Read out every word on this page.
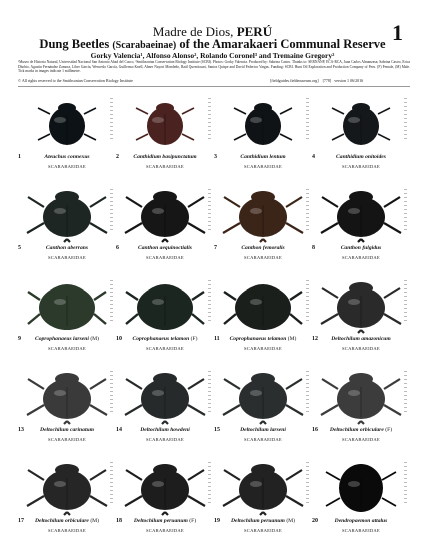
Madre de Dios, PERÚ	1
Dung Beetles (Scarabaeinae) of the Amarakaeri Communal Reserve
Gorky Valencia¹, Alfonso Alonso², Rolando Coronel³ and Tremaine Gregory²
¹Museo de Historia Natural, Universidad Nacional San Antonio Abad del Cusco, ²Smithsonian Conservation Biology Institute (SCBI). Photos: Gorky Valencia. Produced by: Sabrina Castro. Thanks to: SERNANP, ECA-RCA, Juan Carlos Almanzasa; Sabrina Castro, Erica Dhobio, Agustin Fernández Zamora, Liber García, Wenceslo García, Guillermo Knell, Abner Nayori Mondeño, Raúl Quenticuari, Santos Quispe and David Federico Vargas. Funding: SCBI. Hunt Oil Exploration and Production Company of Peru. (F) Female, (M) Male. Tick marks in images indicate 1 millimetre.
© All rights reserved to the Smithsonian Conservation Biology Institute	[fieldguides.fieldmuseum.org] [778] version 1 06/2016
1	Ateuchus connexus
SCARABAEIDAE
2	Canthidium basipunctatum
SCARABAEIDAE
3	Canthidium lentum
SCARABAEIDAE
4	Canthidium onitoides
SCARABAEIDAE
5	Canthon aberrans
SCARABAEIDAE
6	Canthon aequinoctialis
SCARABAEIDAE
7	Canthon femoralis
SCARABAEIDAE
8	Canthon fulgidus
SCARABAEIDAE
9	Coprophanaeus larseni (M)
SCARABAEIDAE
10	Coprophanaeus telamon (F)
SCARABAEIDAE
11	Coprophanaeus telamon (M)
SCARABAEIDAE
12	Deltochilum amazonicum
SCARABAEIDAE
13	Deltochilum carinatum
SCARABAEIDAE
14	Deltochilum howdeni
SCARABAEIDAE
15	Deltochilum larseni
SCARABAEIDAE
16	Deltochilum orbiculare (F)
SCARABAEIDAE
17	Deltochilum orbiculare (M)
SCARABAEIDAE
18	Deltochilum peruanum (F)
SCARABAEIDAE
19	Deltochilum peruanum (M)
SCARABAEIDAE
20	Dendropaemon attalus
SCARABAEIDAE
